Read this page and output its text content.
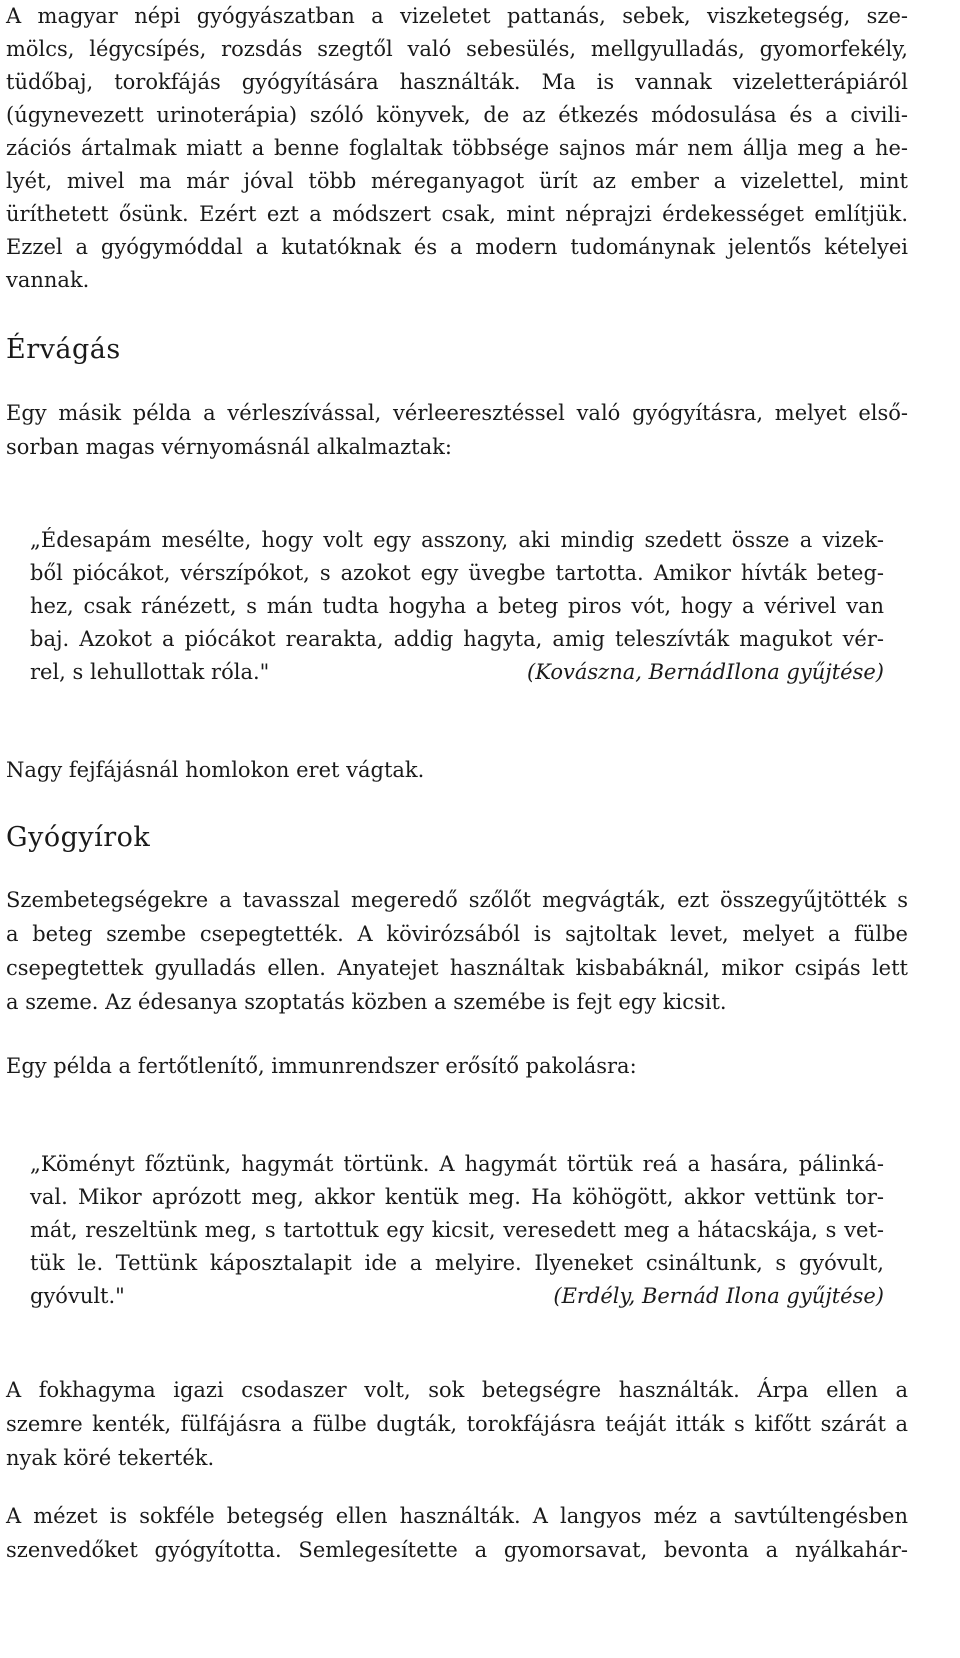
A magyar népi gyógyászatban a vizeletet pattanás, sebek, viszketegség, sze-
mölcs, légycsípés, rozsdás szegtől való sebesülés, mellgyulladás, gyomorfekély,
tüdőbaj, torokfájás gyógyítására használták. Ma is vannak vizeletterápiáról
(úgynevezett urinoterápia) szóló könyvek, de az étkezés módosulása és a civili-
zációs ártalmak miatt a benne foglaltak többsége sajnos már nem állja meg a he-
lyét, mivel ma már jóval több méreganyagot ürít az ember a vizelettel, mint
üríthetett ősünk. Ezért ezt a módszert csak, mint néprajzi érdekességet említjük.
Ezzel a gyógymóddal a kutatóknak és a modern tudománynak jelentős kételyei
vannak.
Érvágás
Egy másik példa a vérleszívással, vérleeresztéssel való gyógyításra, melyet első-
sorban magas vérnyomásnál alkalmaztak:
„Édesapám mesélte, hogy volt egy asszony, aki mindig szedett össze a vizek-
ből piócákot, vérszípókot, s azokot egy üvegbe tartotta. Amikor hívták beteg-
hez, csak ránézett, s mán tudta hogyha a beteg piros vót, hogy a vérivel van
baj. Azokot a piócákot rearakta, addig hagyta, amig teleszívták magukot vér-
rel, s lehullottak róla."	(Kovászna, BernádIlona gyűjtése)
Nagy fejfájásnál homlokon eret vágtak.
Gyógyírok
Szembetegségekre a tavasszal megeredő szőlőt megvágták, ezt összegyűjtötték s
a beteg szembe csepegtették. A kövirózsából is sajtoltak levet, melyet a fülbe
csepegtettek gyulladás ellen. Anyatejet használtak kisbabáknál, mikor csipás lett
a szeme. Az édesanya szoptatás közben a szemébe is fejt egy kicsit.
Egy példa a fertőtlenítő, immunrendszer erősítő pakolásra:
„Köményt főztünk, hagymát törtünk. A hagymát törtük reá a hasára, pálinká-
val. Mikor aprózott meg, akkor kentük meg. Ha köhögött, akkor vettünk tor-
mát, reszeltünk meg, s tartottuk egy kicsit, veresedett meg a hátacskája, s vet-
tük le. Tettünk káposztalapit ide a melyire. Ilyeneket csináltunk, s gyóvult,
gyóvult."	(Erdély, Bernád Ilona gyűjtése)
A fokhagyma igazi csodaszer volt, sok betegségre használták. Árpa ellen a
szemre kenték, fülfájásra a fülbe dugták, torokfájásra teáját itták s kifőtt szárát a
nyak köré tekerték.
A mézet is sokféle betegség ellen használták. A langyos méz a savtúltengésben
szenvedőket gyógyította. Semlegesítette a gyomorsavat, bevonta a nyálkahár-
